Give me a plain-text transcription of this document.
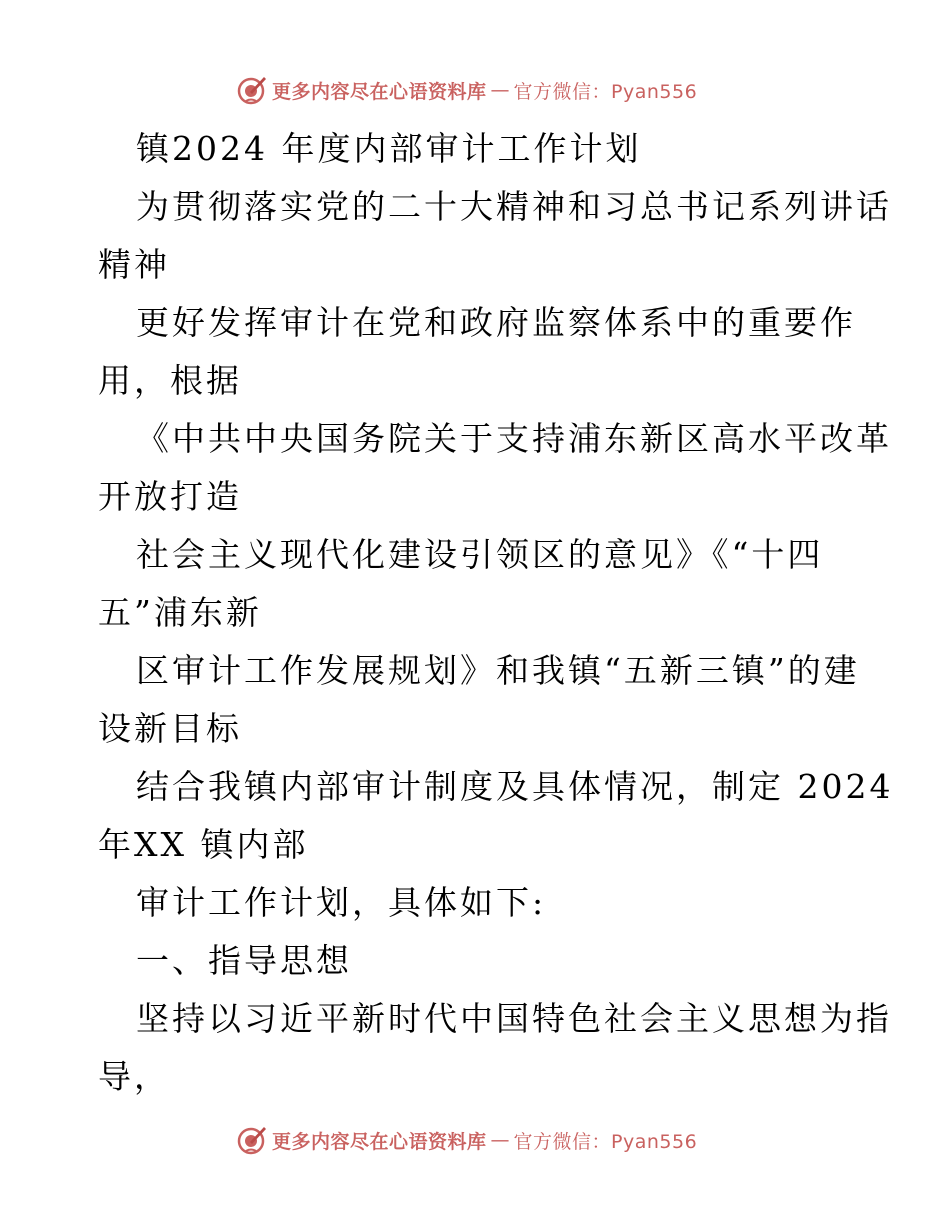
更多内容尽在心语资料库 — 官方微信：Pyan556
镇2024 年度内部审计工作计划
为贯彻落实党的二十大精神和习总书记系列讲话
精神
更好发挥审计在党和政府监察体系中的重要作
用，根据
《中共中央国务院关于支持浦东新区高水平改革
开放打造
社会主义现代化建设引领区的意见》《“十四
五”浦东新
区审计工作发展规划》和我镇“五新三镇”的建
设新目标
结合我镇内部审计制度及具体情况，制定 2024
年XX 镇内部
审计工作计划，具体如下:
一、指导思想
坚持以习近平新时代中国特色社会主义思想为指
导，
更多内容尽在心语资料库 — 官方微信：Pyan556
